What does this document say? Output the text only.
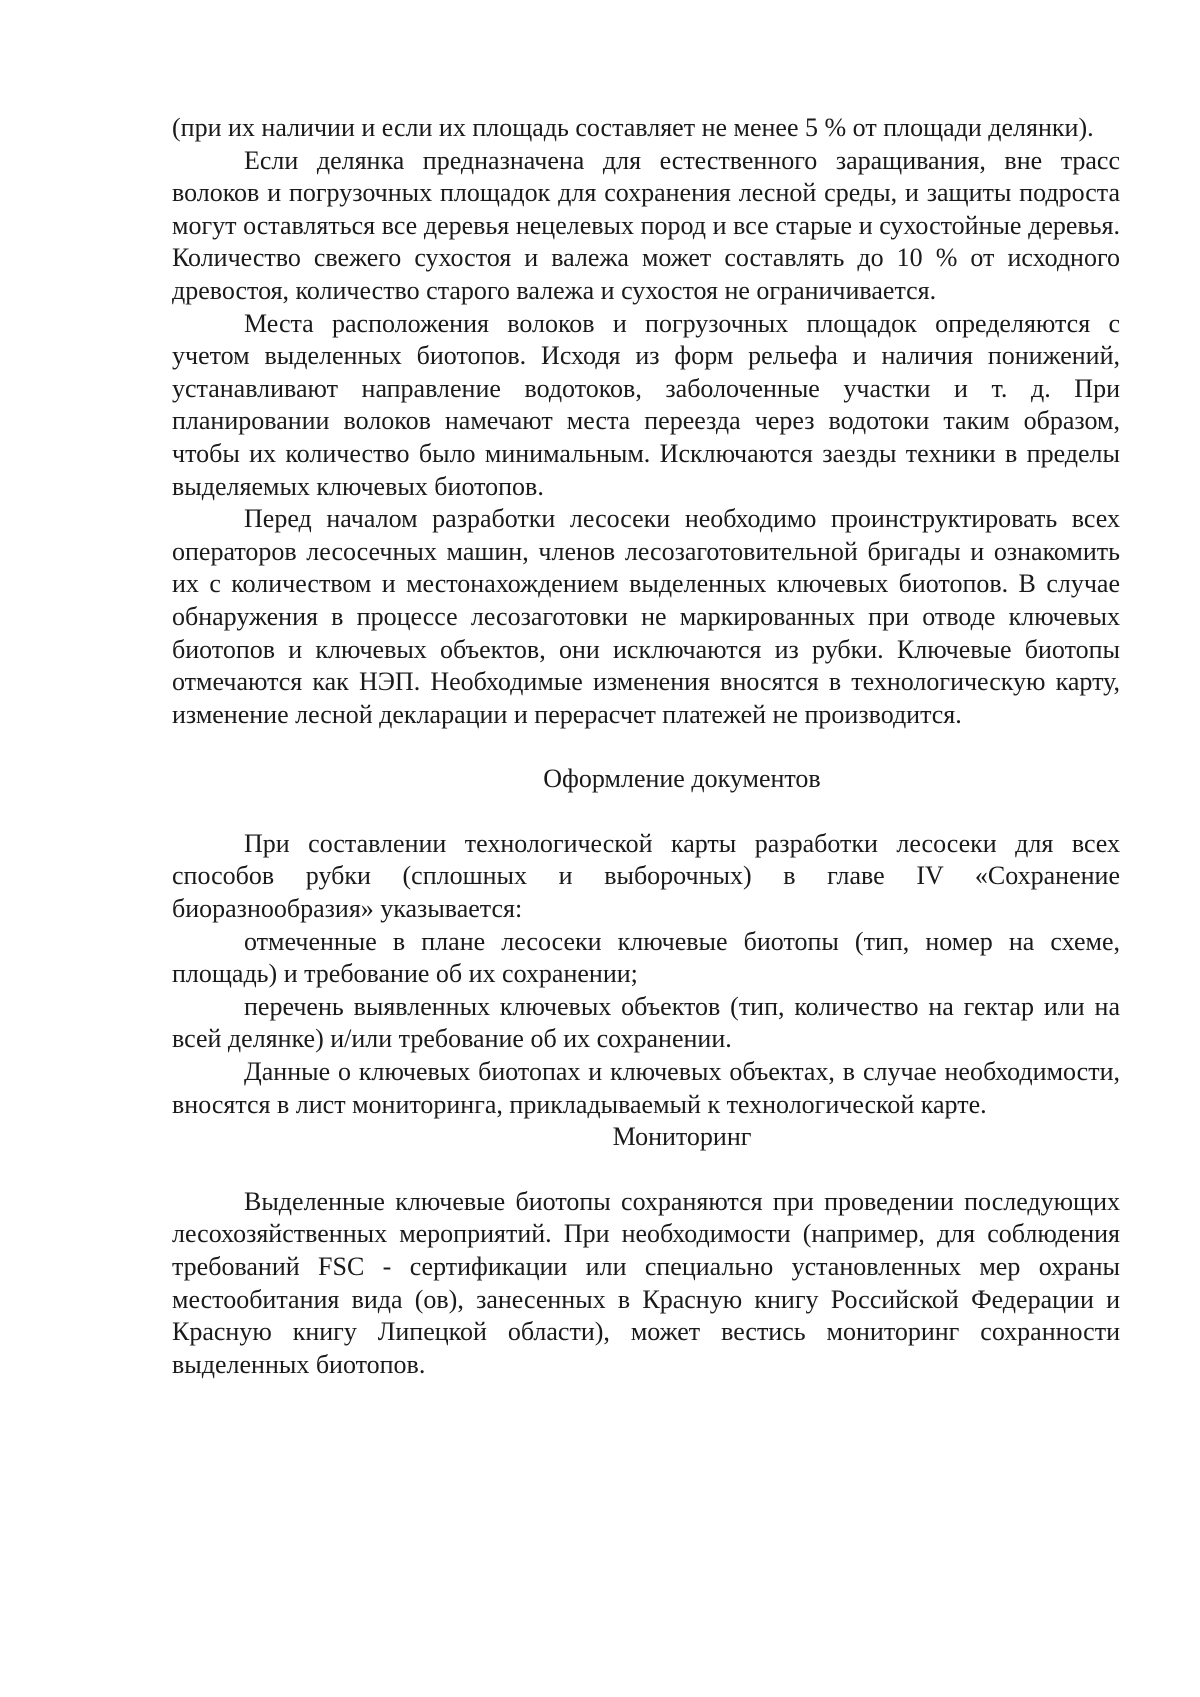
(при их наличии и если их площадь составляет не менее 5 % от площади делянки).

Если делянка предназначена для естественного заращивания, вне трасс волоков и погрузочных площадок для сохранения лесной среды, и защиты подроста могут оставляться все деревья нецелевых пород и все старые и сухостойные деревья. Количество свежего сухостоя и валежа может составлять до 10 % от исходного древостоя, количество старого валежа и сухостоя не ограничивается.

Места расположения волоков и погрузочных площадок определяются с учетом выделенных биотопов. Исходя из форм рельефа и наличия понижений, устанавливают направление водотоков, заболоченные участки и т. д. При планировании волоков намечают места переезда через водотоки таким образом, чтобы их количество было минимальным. Исключаются заезды техники в пределы выделяемых ключевых биотопов.

Перед началом разработки лесосеки необходимо проинструктировать всех операторов лесосечных машин, членов лесозаготовительной бригады и ознакомить их с количеством и местонахождением выделенных ключевых биотопов. В случае обнаружения в процессе лесозаготовки не маркированных при отводе ключевых биотопов и ключевых объектов, они исключаются из рубки. Ключевые биотопы отмечаются как НЭП. Необходимые изменения вносятся в технологическую карту, изменение лесной декларации и перерасчет платежей не производится.

Оформление документов

При составлении технологической карты разработки лесосеки для всех способов рубки (сплошных и выборочных) в главе IV «Сохранение биоразнообразия» указывается:

отмеченные в плане лесосеки ключевые биотопы (тип, номер на схеме, площадь) и требование об их сохранении;

перечень выявленных ключевых объектов (тип, количество на гектар или на всей делянке) и/или требование об их сохранении.

Данные о ключевых биотопах и ключевых объектах, в случае необходимости, вносятся в лист мониторинга, прикладываемый к технологической карте.

Мониторинг

Выделенные ключевые биотопы сохраняются при проведении последующих лесохозяйственных мероприятий. При необходимости (например, для соблюдения требований FSC - сертификации или специально установленных мер охраны местообитания вида (ов), занесенных в Красную книгу Российской Федерации и Красную книгу Липецкой области), может вестись мониторинг сохранности выделенных биотопов.
